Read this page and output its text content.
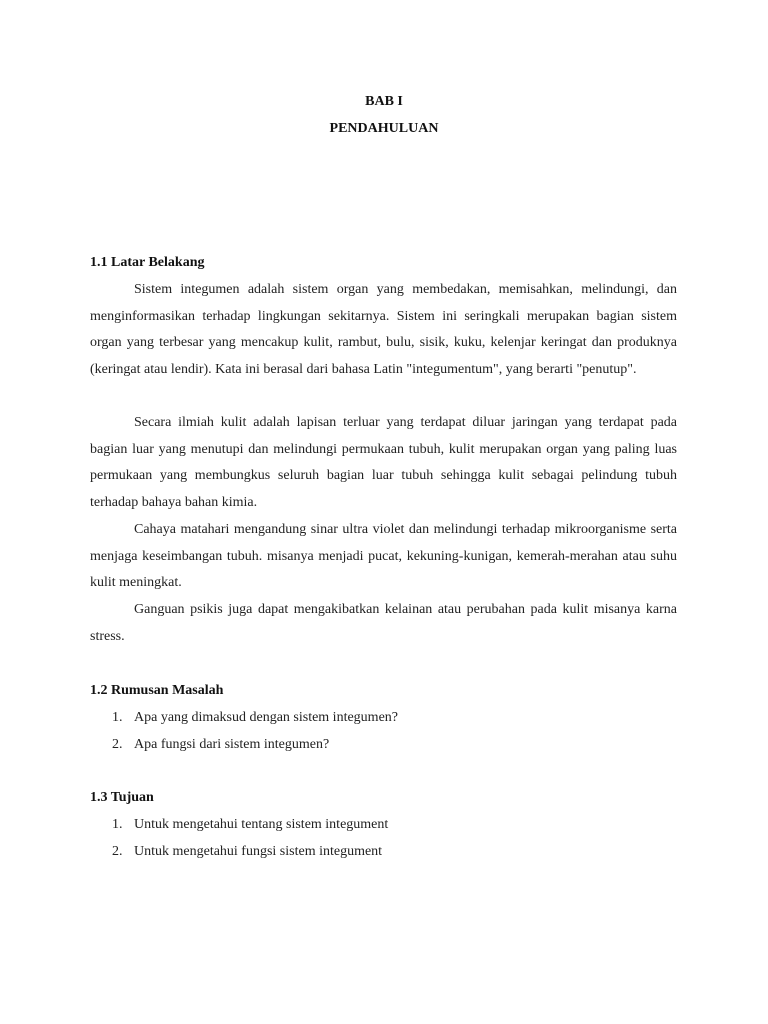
BAB I
PENDAHULUAN
1.1 Latar Belakang

Sistem integumen adalah sistem organ yang membedakan, memisahkan, melindungi, dan menginformasikan terhadap lingkungan sekitarnya. Sistem ini seringkali merupakan bagian sistem organ yang terbesar yang mencakup kulit, rambut, bulu, sisik, kuku, kelenjar keringat dan produknya (keringat atau lendir). Kata ini berasal dari bahasa Latin "integumentum", yang berarti "penutup".

Secara ilmiah kulit adalah lapisan terluar yang terdapat diluar jaringan yang terdapat pada bagian luar yang menutupi dan melindungi permukaan tubuh, kulit merupakan organ yang paling luas permukaan yang membungkus seluruh bagian luar tubuh sehingga kulit sebagai pelindung tubuh terhadap bahaya bahan kimia.

Cahaya matahari mengandung sinar ultra violet dan melindungi terhadap mikroorganisme serta menjaga keseimbangan tubuh. misanya menjadi pucat, kekuning-kunigan, kemerah-merahan atau suhu kulit meningkat.

Ganguan psikis juga dapat mengakibatkan kelainan atau perubahan pada kulit misanya karna stress.

1.2 Rumusan Masalah
1. Apa yang dimaksud dengan sistem integumen?
2. Apa fungsi dari sistem integumen?
1.3 Tujuan
1. Untuk mengetahui tentang sistem integument
2. Untuk mengetahui fungsi sistem integument
